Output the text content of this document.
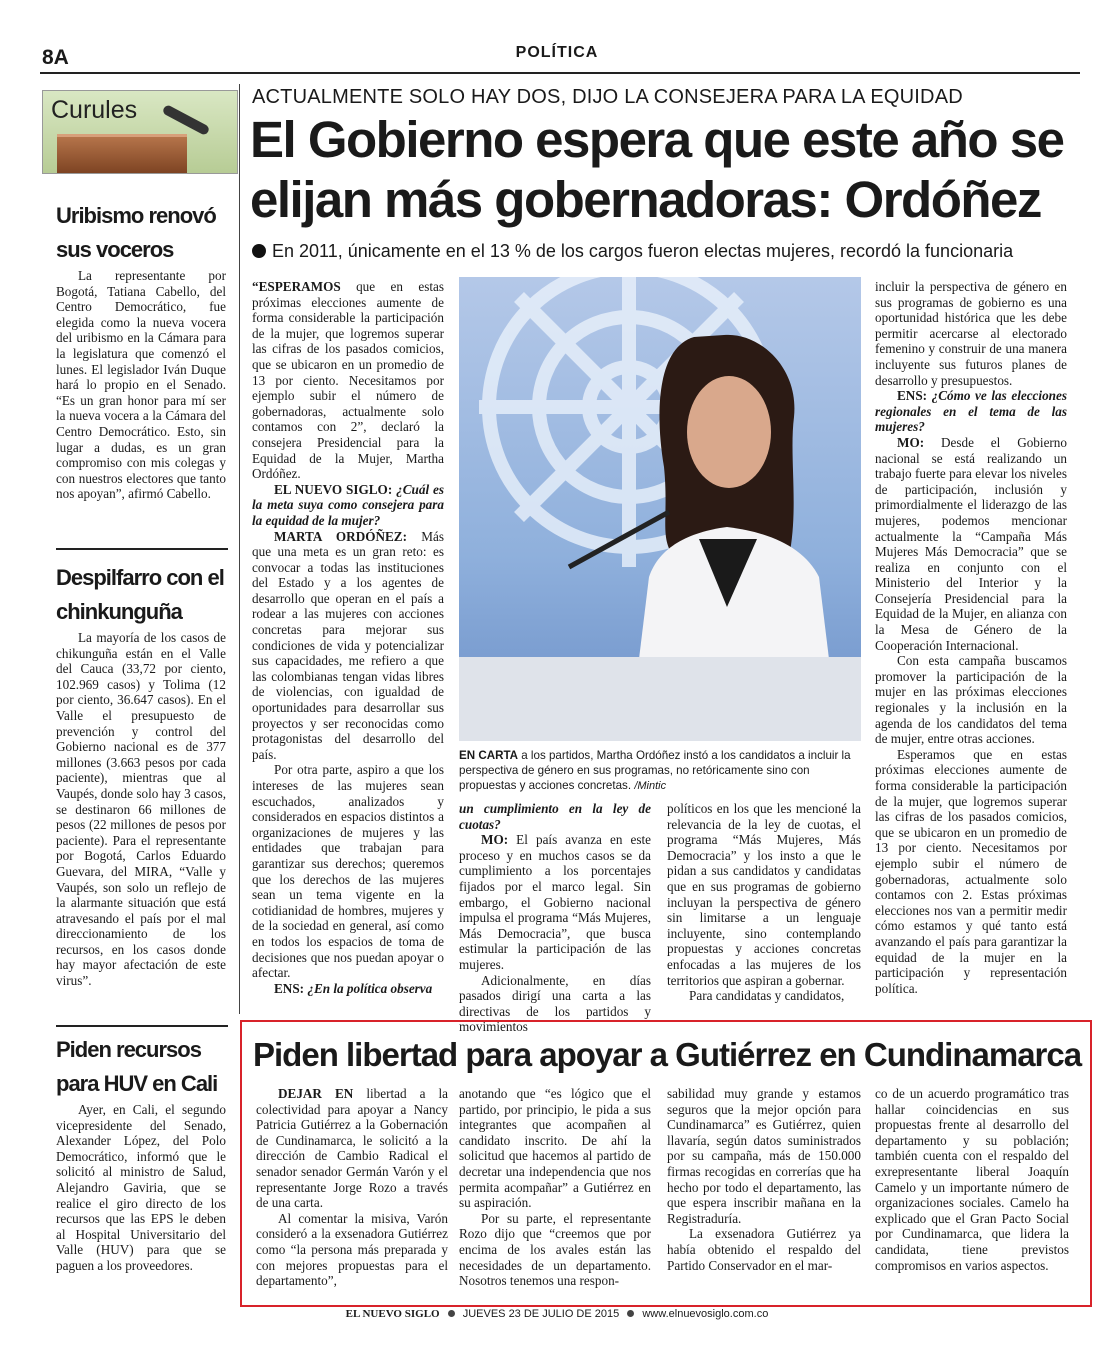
8A	POLÍTICA
Curules
Uribismo renovó sus voceros

La representante por Bogotá, Tatiana Cabello, del Centro Democrático, fue elegida como la nueva vocera del uribismo en la Cámara para la legislatura que comenzó el lunes. El legislador Iván Duque hará lo propio en el Senado. “Es un gran honor para mí ser la nueva vocera a la Cámara del Centro Democrático. Esto, sin lugar a dudas, es un gran compromiso con mis colegas y con nuestros electores que tanto nos apoyan”, afirmó Cabello.

Despilfarro con el chinkunguña

La mayoría de los casos de chikunguña están en el Valle del Cauca (33,72 por ciento, 102.969 casos) y Tolima (12 por ciento, 36.647 casos). En el Valle el presupuesto de prevención y control del Gobierno nacional es de 377 millones (3.663 pesos por cada paciente), mientras que al Vaupés, donde solo hay 3 casos, se destinaron 66 millones de pesos (22 millones de pesos por paciente). Para el representante por Bogotá, Carlos Eduardo Guevara, del MIRA, “Valle y Vaupés, son solo un reflejo de la alarmante situación que está atravesando el país por el mal direccionamiento de los recursos, en los casos donde hay mayor afectación de este virus”.

Piden recursos para HUV en Cali

Ayer, en Cali, el segundo vicepresidente del Senado, Alexander López, del Polo Democrático, informó que le solicitó al ministro de Salud, Alejandro Gaviria, que se realice el giro directo de los recursos que las EPS le deben al Hospital Universitario del Valle (HUV) para que se paguen a los proveedores.

ACTUALMENTE SOLO HAY DOS, DIJO LA CONSEJERA PARA LA EQUIDAD
El Gobierno espera que este año se elijan más gobernadoras: Ordóñez
En 2011, únicamente en el 13 % de los cargos fueron electas mujeres, recordó la funcionaria

“ESPERAMOS que en estas próximas elecciones aumente de forma considerable la participación de la mujer, que logremos superar las cifras de los pasados comicios, que se ubicaron en un promedio de 13 por ciento. Necesitamos por ejemplo subir el número de gobernadoras, actualmente solo contamos con 2”, declaró la consejera Presidencial para la Equidad de la Mujer, Martha Ordóñez.

EL NUEVO SIGLO: ¿Cuál es la meta suya como consejera para la equidad de la mujer?

MARTA ORDÓÑEZ: Más que una meta es un gran reto: es convocar a todas las instituciones del Estado y a los agentes de desarrollo que operan en el país a rodear a las mujeres con acciones concretas para mejorar sus condiciones de vida y potencializar sus capacidades, me refiero a que las colombianas tengan vidas libres de violencias, con igualdad de oportunidades para desarrollar sus proyectos y ser reconocidas como protagonistas del desarrollo del país.

Por otra parte, aspiro a que los intereses de las mujeres sean escuchados, analizados y considerados en espacios distintos a organizaciones de mujeres y las entidades que trabajan para garantizar sus derechos; queremos que los derechos de las mujeres sean un tema vigente en la cotidianidad de hombres, mujeres y de la sociedad en general, así como en todos los espacios de toma de decisiones que nos puedan apoyar o afectar.

ENS: ¿En la política observa

EN CARTA a los partidos, Martha Ordóñez instó a los candidatos a incluir la perspectiva de género en sus programas, no retóricamente sino con propuestas y acciones concretas. /Mintic

un cumplimiento en la ley de cuotas?

MO: El país avanza en este proceso y en muchos casos se da cumplimiento a los porcentajes fijados por el marco legal. Sin embargo, el Gobierno nacional impulsa el programa “Más Mujeres, Más Democracia”, que busca estimular la participación de las mujeres.

Adicionalmente, en días pasados dirigí una carta a las directivas de los partidos y movimientos

políticos en los que les mencioné la relevancia de la ley de cuotas, el programa “Más Mujeres, Más Democracia” y los insto a que le pidan a sus candidatos y candidatas que en sus programas de gobierno incluyan la perspectiva de género sin limitarse a un lenguaje incluyente, sino contemplando propuestas y acciones concretas enfocadas a las mujeres de los territorios que aspiran a gobernar.

Para candidatas y candidatos,

incluir la perspectiva de género en sus programas de gobierno es una oportunidad histórica que les debe permitir acercarse al electorado femenino y construir de una manera incluyente sus futuros planes de desarrollo y presupuestos.

ENS: ¿Cómo ve las elecciones regionales en el tema de las mujeres?

MO: Desde el Gobierno nacional se está realizando un trabajo fuerte para elevar los niveles de participación, inclusión y primordialmente el liderazgo de las mujeres, podemos mencionar actualmente la “Campaña Más Mujeres Más Democracia” que se realiza en conjunto con el Ministerio del Interior y la Consejería Presidencial para la Equidad de la Mujer, en alianza con la Mesa de Género de la Cooperación Internacional.

Con esta campaña buscamos promover la participación de la mujer en las próximas elecciones regionales y la inclusión en la agenda de los candidatos del tema de mujer, entre otras acciones.

Esperamos que en estas próximas elecciones aumente de forma considerable la participación de la mujer, que logremos superar las cifras de los pasados comicios, que se ubicaron en un promedio de 13 por ciento. Necesitamos por ejemplo subir el número de gobernadoras, actualmente solo contamos con 2. Estas próximas elecciones nos van a permitir medir cómo estamos y qué tanto está avanzando el país para garantizar la equidad de la mujer en la participación y representación política.

Piden libertad para apoyar a Gutiérrez en Cundinamarca

DEJAR EN libertad a la colectividad para apoyar a Nancy Patricia Gutiérrez a la Gobernación de Cundinamarca, le solicitó a la dirección de Cambio Radical el senador senador Germán Varón y el representante Jorge Rozo a través de una carta.

Al comentar la misiva, Varón consideró a la exsenadora Gutiérrez como “la persona más preparada y con mejores propuestas para el departamento”,

anotando que “es lógico que el partido, por principio, le pida a sus integrantes que acompañen al candidato inscrito. De ahí la solicitud que hacemos al partido de decretar una independencia que nos permita acompañar” a Gutiérrez en su aspiración.

Por su parte, el representante Rozo dijo que “creemos que por encima de los avales están las necesidades de un departamento. Nosotros tenemos una respon-

sabilidad muy grande y estamos seguros que la mejor opción para Cundinamarca” es Gutiérrez, quien llavaría, según datos suministrados por su campaña, más de 150.000 firmas recogidas en correrías que ha hecho por todo el departamento, las que espera inscribir mañana en la Registraduría.

La exsenadora Gutiérrez ya había obtenido el respaldo del Partido Conservador en el mar-

co de un acuerdo programático tras hallar coincidencias en sus propuestas frente al desarrollo del departamento y su población; también cuenta con el respaldo del exrepresentante liberal Joaquín Camelo y un importante número de organizaciones sociales. Camelo ha explicado que el Gran Pacto Social por Cundinamarca, que lidera la candidata, tiene previstos compromisos en varios aspectos.

EL NUEVO SIGLO JUEVES 23 DE JULIO DE 2015 www.elnuevosiglo.com.co
